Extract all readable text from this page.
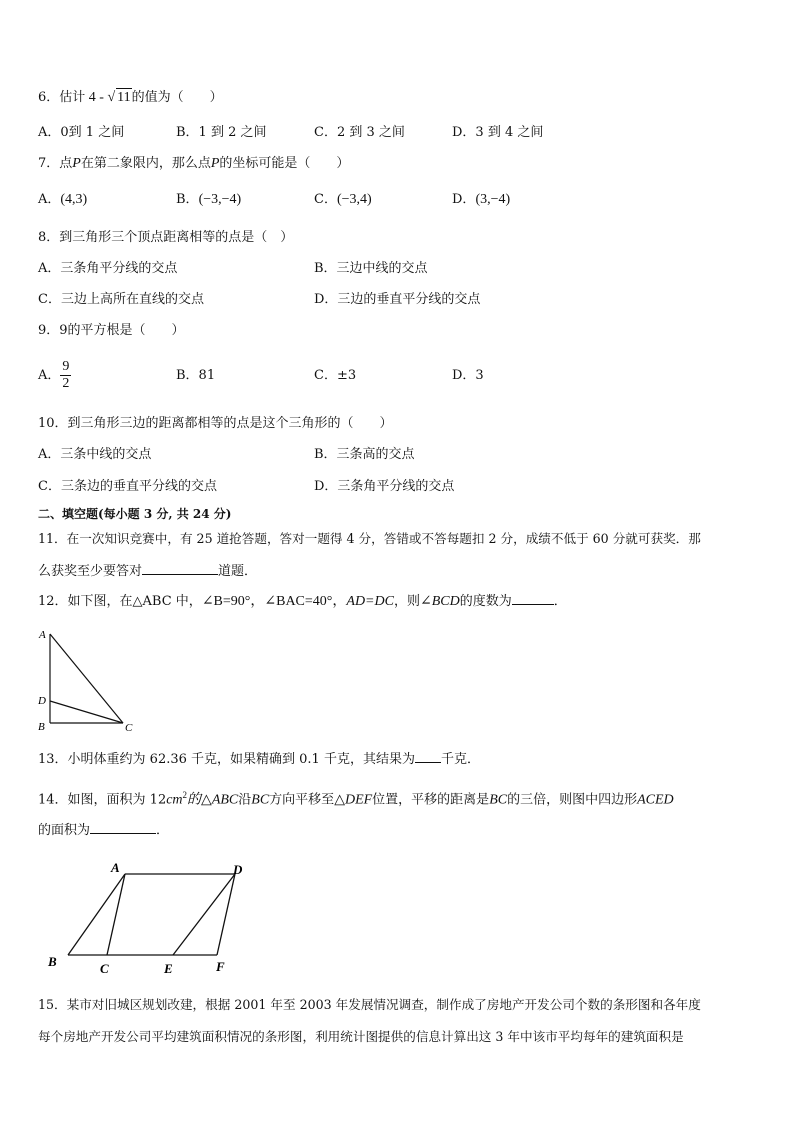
6．估计 4 - √ 11的值为（　　）
A．0到 1 之间	B．1 到 2 之间	C．2 到 3 之间	D．3 到 4 之间
7．点P在第二象限内，那么点P的坐标可能是（　　）
A．(4,3)	B．(−3,−4)	C．(−3,4)	D．(3,−4)
8．到三角形三个顶点距离相等的点是（　）
A．三条角平分线的交点	B．三边中线的交点
C．三边上高所在直线的交点	D．三边的垂直平分线的交点
9．9的平方根是（　　）
A． $\frac{9}{2}$	B．81	C．±3	D．3
10．到三角形三边的距离都相等的点是这个三角形的（　　）
A．三条中线的交点	B．三条高的交点
C．三条边的垂直平分线的交点	D．三条角平分线的交点
二、填空题(每小题 3 分, 共 24 分)
11．在一次知识竞赛中，有 25 道抢答题，答对一题得 4 分，答错或不答每题扣 2 分，成绩不低于 60 分就可获奖．那
么获奖至少要答对	道题．
12．如下图，在△ABC 中，∠B=90°，∠BAC=40°，AD=DC，则∠BCD的度数为	．
A
D
B	C
13．小明体重约为 62.36 千克，如果精确到 0.1 千克，其结果为 千克．
14．如图，面积为 $12cm^2$的△ABC沿BC方向平移至△DEF位置，平移的距离是BC的三倍，则图中四边形ACED
的面积为	．
A	D
B	C	E	F
15．某市对旧城区规划改建，根据 2001 年至 2003 年发展情况调查，制作成了房地产开发公司个数的条形图和各年度
每个房地产开发公司平均建筑面积情况的条形图，利用统计图提供的信息计算出这 3 年中该市平均每年的建筑面积是
